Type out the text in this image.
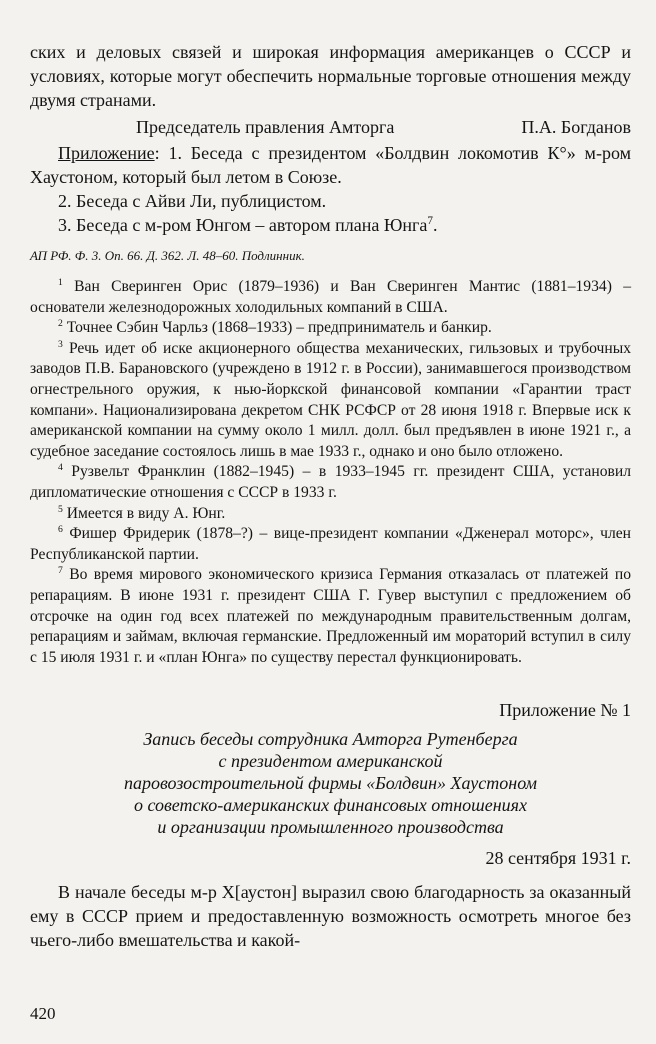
ских и деловых связей и широкая информация американцев о СССР и условиях, которые могут обеспечить нормальные торговые отношения между двумя странами.

Председатель правления Амторга	П.А. Богданов

Приложение: 1. Беседа с президентом «Болдвин локомотив К°» м-ром Хаустоном, который был летом в Союзе.

2. Беседа с Айви Ли, публицистом.

3. Беседа с м-ром Юнгом – автором плана Юнга$^7$.

АП РФ. Ф. 3. Оп. 66. Д. 362. Л. 48–60. Подлинник.

$^1$ Ван Сверинген Орис (1879–1936) и Ван Сверинген Мантис (1881–1934) – основатели железнодорожных холодильных компаний в США.

$^2$ Точнее Сэбин Чарльз (1868–1933) – предприниматель и банкир.

$^3$ Речь идет об иске акционерного общества механических, гильзовых и трубочных заводов П.В. Барановского (учреждено в 1912 г. в России), занимавшегося производством огнестрельного оружия, к нью-йоркской финансовой компании «Гарантии траст компани». Национализирована декретом СНК РСФСР от 28 июня 1918 г. Впервые иск к американской компании на сумму около 1 милл. долл. был предъявлен в июне 1921 г., а судебное заседание состоялось лишь в мае 1933 г., однако и оно было отложено.

$^4$ Рузвельт Франклин (1882–1945) – в 1933–1945 гг. президент США, установил дипломатические отношения с СССР в 1933 г.

$^5$ Имеется в виду А. Юнг.

$^6$ Фишер Фридерик (1878–?) – вице-президент компании «Дженерал моторс», член Республиканской партии.

$^7$ Во время мирового экономического кризиса Германия отказалась от платежей по репарациям. В июне 1931 г. президент США Г. Гувер выступил с предложением об отсрочке на один год всех платежей по международным правительственным долгам, репарациям и займам, включая германские. Предложенный им мораторий вступил в силу с 15 июля 1931 г. и «план Юнга» по существу перестал функционировать.

Приложение № 1

Запись беседы сотрудника Амторга Рутенберга
с президентом американской
паровозостроительной фирмы «Болдвин» Хаустоном
о советско-американских финансовых отношениях
и организации промышленного производства

28 сентября 1931 г.

В начале беседы м-р Х[аустон] выразил свою благодарность за оказанный ему в СССР прием и предоставленную возможность осмотреть многое без чьего-либо вмешательства и какой-

420
